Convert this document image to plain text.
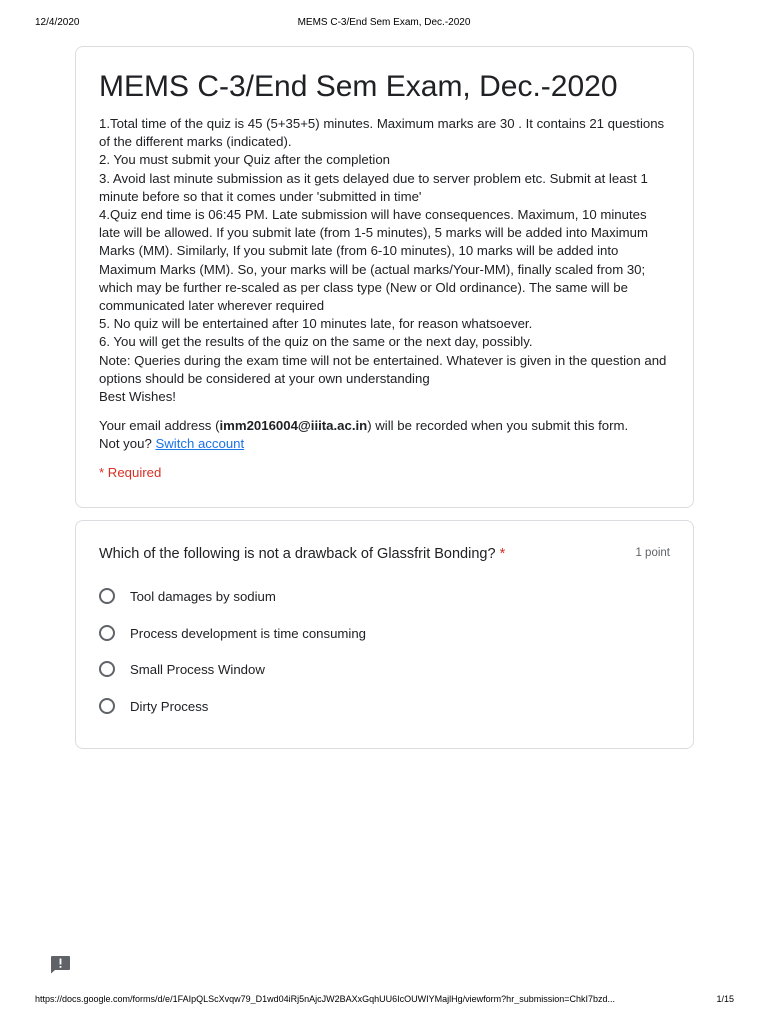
12/4/2020	MEMS C-3/End Sem Exam, Dec.-2020
MEMS C-3/End Sem Exam, Dec.-2020
1.Total time of the quiz is 45 (5+35+5) minutes. Maximum marks are 30 . It contains 21 questions of the different marks (indicated).
2. You must submit your Quiz after the completion
3. Avoid last minute submission as it gets delayed due to server problem etc. Submit at least 1 minute before so that it comes under 'submitted in time'
4.Quiz end time is 06:45 PM. Late submission will have consequences. Maximum, 10 minutes late will be allowed. If you submit late (from 1-5 minutes), 5 marks will be added into Maximum Marks (MM). Similarly, If you submit late (from 6-10 minutes), 10 marks will be added into Maximum Marks (MM). So, your marks will be (actual marks/Your-MM), finally scaled from 30; which may be further re-scaled as per class type (New or Old ordinance). The same will be communicated later wherever required
5. No quiz will be entertained after 10 minutes late, for reason whatsoever.
6. You will get the results of the quiz on the same or the next day, possibly.
Note: Queries during the exam time will not be entertained. Whatever is given in the question and options should be considered at your own understanding
Best Wishes!
Your email address (imm2016004@iiita.ac.in) will be recorded when you submit this form.
Not you? Switch account
* Required
Which of the following is not a drawback of Glassfrit Bonding? *	1 point
Tool damages by sodium
Process development is time consuming
Small Process Window
Dirty Process
https://docs.google.com/forms/d/e/1FAIpQLScXvqw79_D1wd04iRj5nAjcJW2BAXxGqhUU6IcOUWIYMajlHg/viewform?hr_submission=ChkI7bzd...	1/15
